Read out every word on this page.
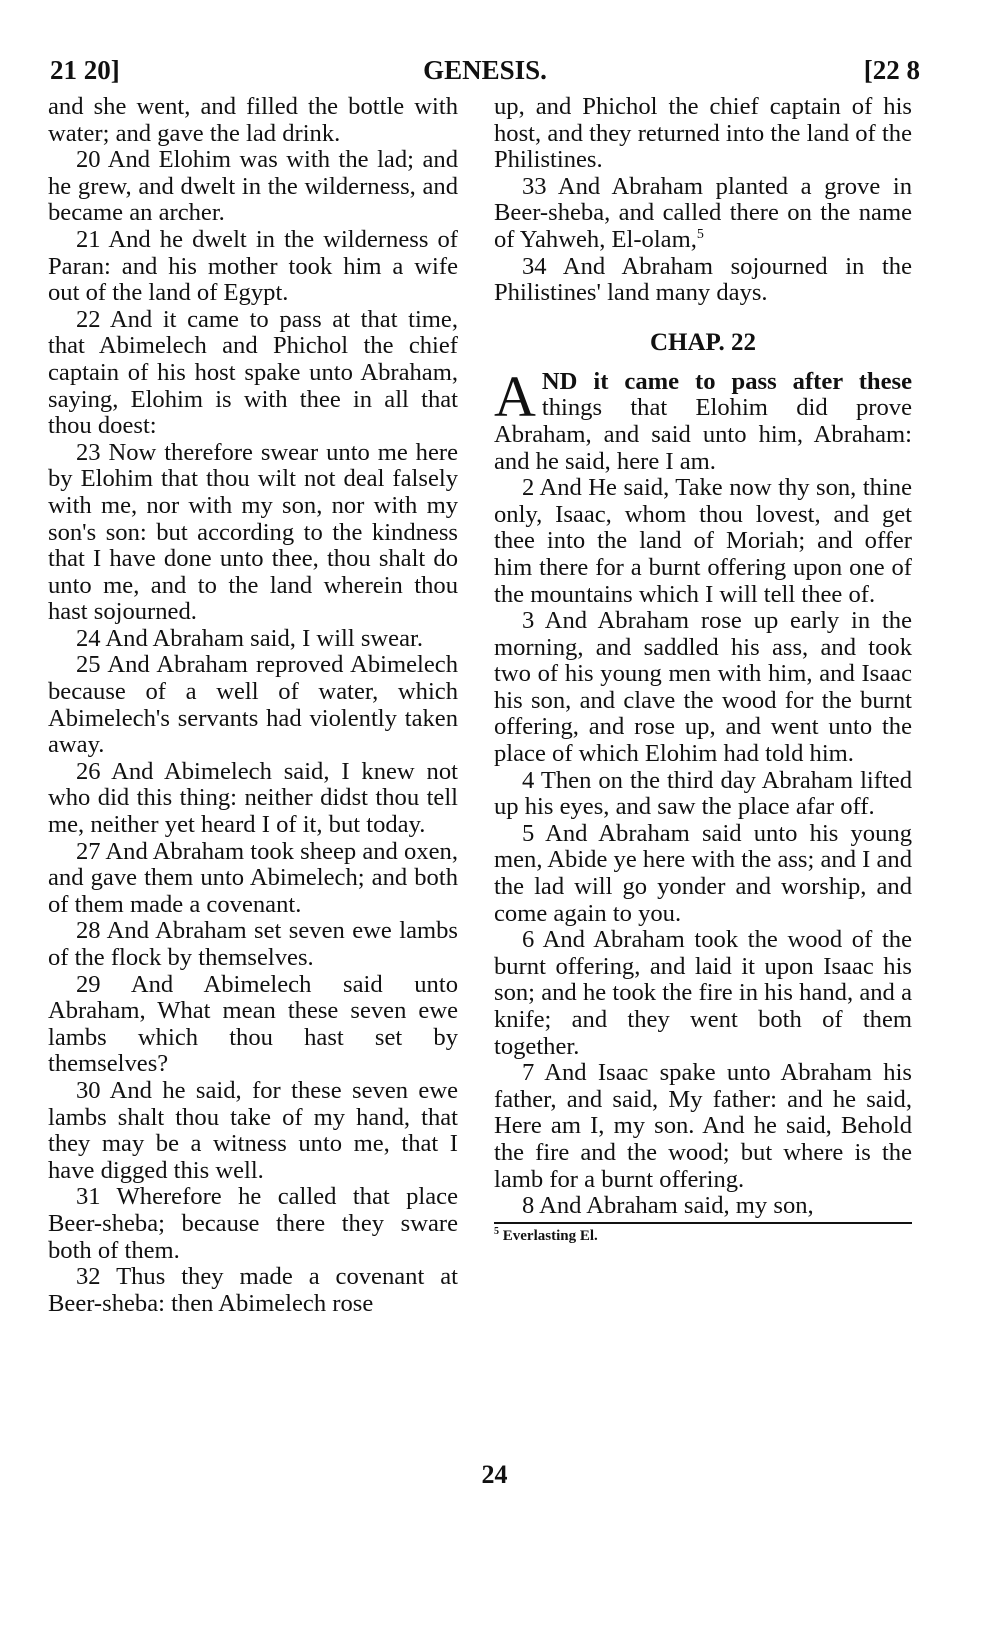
21 20]	GENESIS.	[22 8

and she went, and filled the bottle with water; and gave the lad drink.

20 And Elohim was with the lad; and he grew, and dwelt in the wilderness, and became an archer.

21 And he dwelt in the wilderness of Paran: and his mother took him a wife out of the land of Egypt.

22 And it came to pass at that time, that Abimelech and Phichol the chief captain of his host spake unto Abraham, saying, Elohim is with thee in all that thou doest:

23 Now therefore swear unto me here by Elohim that thou wilt not deal falsely with me, nor with my son, nor with my son's son: but according to the kindness that I have done unto thee, thou shalt do unto me, and to the land wherein thou hast sojourned.

24 And Abraham said, I will swear.

25 And Abraham reproved Abimelech because of a well of water, which Abimelech's servants had violently taken away.

26 And Abimelech said, I knew not who did this thing: neither didst thou tell me, neither yet heard I of it, but today.

27 And Abraham took sheep and oxen, and gave them unto Abimelech; and both of them made a covenant.

28 And Abraham set seven ewe lambs of the flock by themselves.

29 And Abimelech said unto Abraham, What mean these seven ewe lambs which thou hast set by themselves?

30 And he said, for these seven ewe lambs shalt thou take of my hand, that they may be a witness unto me, that I have digged this well.

31 Wherefore he called that place Beer-sheba; because there they sware both of them.

32 Thus they made a covenant at Beer-sheba: then Abimelech rose

up, and Phichol the chief captain of his host, and they returned into the land of the Philistines.

33 And Abraham planted a grove in Beer-sheba, and called there on the name of Yahweh, El-olam,$^5$

34 And Abraham sojourned in the Philistines' land many days.

CHAP. 22

AND it came to pass after these things that Elohim did prove Abraham, and said unto him, Abraham: and he said, here I am.

2 And He said, Take now thy son, thine only, Isaac, whom thou lovest, and get thee into the land of Moriah; and offer him there for a burnt offering upon one of the mountains which I will tell thee of.

3 And Abraham rose up early in the morning, and saddled his ass, and took two of his young men with him, and Isaac his son, and clave the wood for the burnt offering, and rose up, and went unto the place of which Elohim had told him.

4 Then on the third day Abraham lifted up his eyes, and saw the place afar off.

5 And Abraham said unto his young men, Abide ye here with the ass; and I and the lad will go yonder and worship, and come again to you.

6 And Abraham took the wood of the burnt offering, and laid it upon Isaac his son; and he took the fire in his hand, and a knife; and they went both of them together.

7 And Isaac spake unto Abraham his father, and said, My father: and he said, Here am I, my son. And he said, Behold the fire and the wood; but where is the lamb for a burnt offering.

8 And Abraham said, my son,

$^5$ Everlasting El.
24
